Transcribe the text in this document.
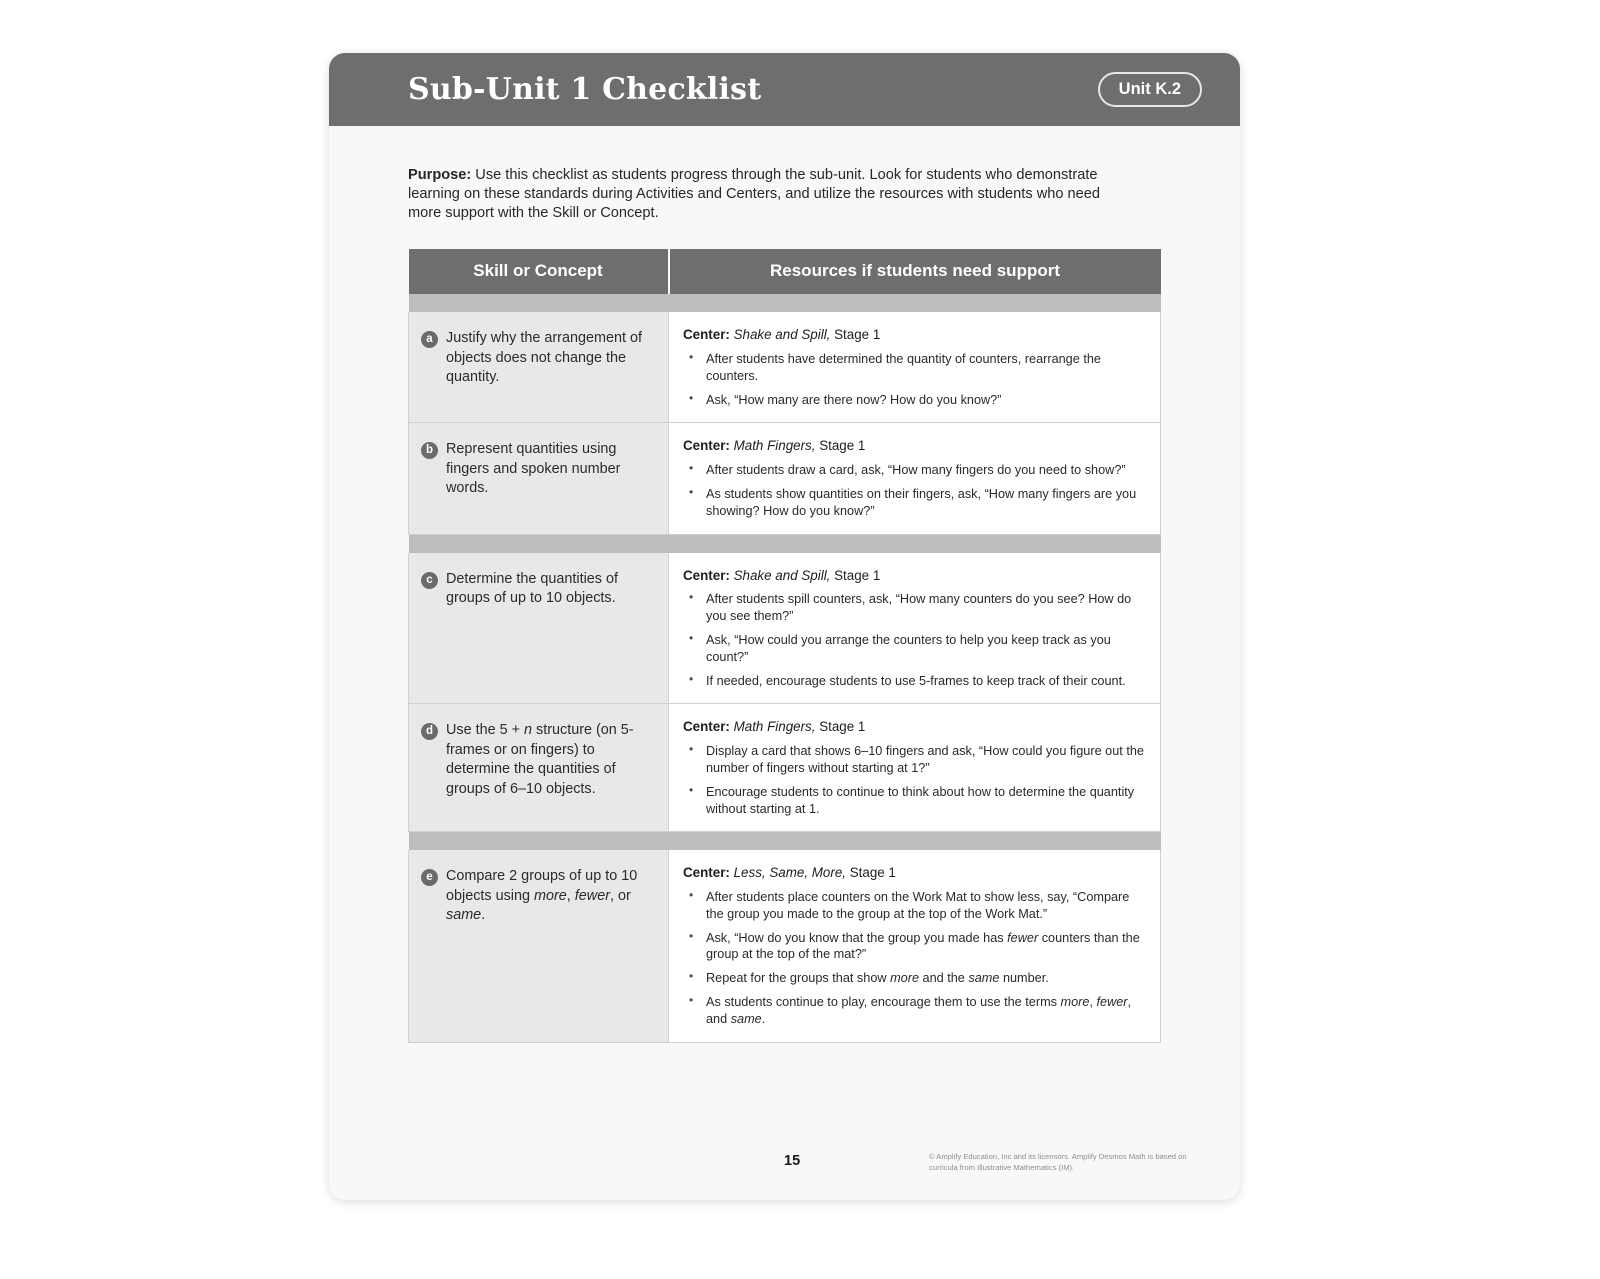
Sub-Unit 1 Checklist	Unit K.2

Purpose: Use this checklist as students progress through the sub-unit. Look for students who demonstrate learning on these standards during Activities and Centers, and utilize the resources with students who need more support with the Skill or Concept.

Skill or Concept	Resources if students need support

a Justify why the arrangement of objects does not change the quantity.

Center: Shake and Spill, Stage 1
• After students have determined the quantity of counters, rearrange the counters.
• Ask, “How many are there now? How do you know?”

b Represent quantities using fingers and spoken number words.

Center: Math Fingers, Stage 1
• After students draw a card, ask, “How many fingers do you need to show?”
• As students show quantities on their fingers, ask, “How many fingers are you showing? How do you know?”

c Determine the quantities of groups of up to 10 objects.

Center: Shake and Spill, Stage 1
• After students spill counters, ask, “How many counters do you see? How do you see them?”
• Ask, “How could you arrange the counters to help you keep track as you count?”
• If needed, encourage students to use 5-frames to keep track of their count.

d Use the 5 + n structure (on 5-frames or on fingers) to determine the quantities of groups of 6–10 objects.

Center: Math Fingers, Stage 1
• Display a card that shows 6–10 fingers and ask, “How could you figure out the number of fingers without starting at 1?”
• Encourage students to continue to think about how to determine the quantity without starting at 1.

e Compare 2 groups of up to 10 objects using more, fewer, or same.

Center: Less, Same, More, Stage 1
• After students place counters on the Work Mat to show less, say, “Compare the group you made to the group at the top of the Work Mat.”
• Ask, “How do you know that the group you made has fewer counters than the group at the top of the mat?”
• Repeat for the groups that show more and the same number.
• As students continue to play, encourage them to use the terms more, fewer, and same.
15	© Amplify Education, Inc and its licensors. Amplify Desmos Math is based on curricula from Illustrative Mathematics (IM).
